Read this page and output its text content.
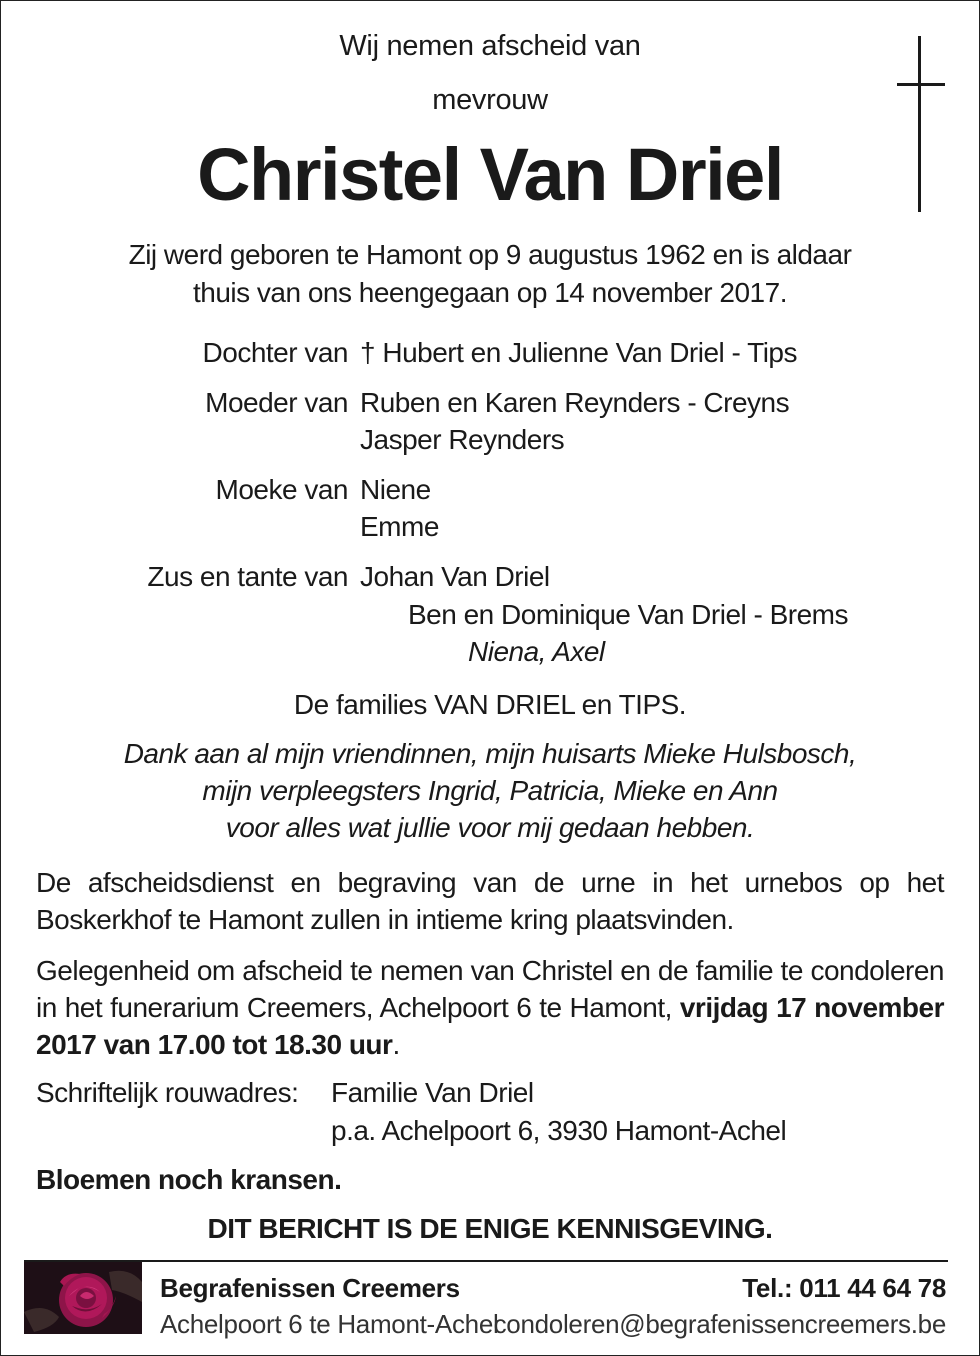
Wij nemen afscheid van
mevrouw
Christel Van Driel
Zij werd geboren te Hamont op 9 augustus 1962 en is aldaar
thuis van ons heengegaan op 14 november 2017.
Dochter van † Hubert en Julienne Van Driel - Tips
Moeder van Ruben en Karen Reynders - Creyns
Jasper Reynders
Moeke van Niene
Emme
Zus en tante van Johan Van Driel
Ben en Dominique Van Driel - Brems
Niena, Axel
De families VAN DRIEL en TIPS.
Dank aan al mijn vriendinnen, mijn huisarts Mieke Hulsbosch,
mijn verpleegsters Ingrid, Patricia, Mieke en Ann
voor alles wat jullie voor mij gedaan hebben.
De afscheidsdienst en begraving van de urne in het urnebos op het Boskerkhof te Hamont zullen in intieme kring plaatsvinden.
Gelegenheid om afscheid te nemen van Christel en de familie te condoleren in het funerarium Creemers, Achelpoort 6 te Hamont, vrijdag 17 november 2017 van 17.00 tot 18.30 uur.
Schriftelijk rouwadres: Familie Van Driel
p.a. Achelpoort 6, 3930 Hamont-Achel
Bloemen noch kransen.
DIT BERICHT IS DE ENIGE KENNISGEVING.
Begrafenissen Creemers
Achelpoort 6 te Hamont-Achel
Tel.: 011 44 64 78
condoleren@begrafenissencreemers.be
